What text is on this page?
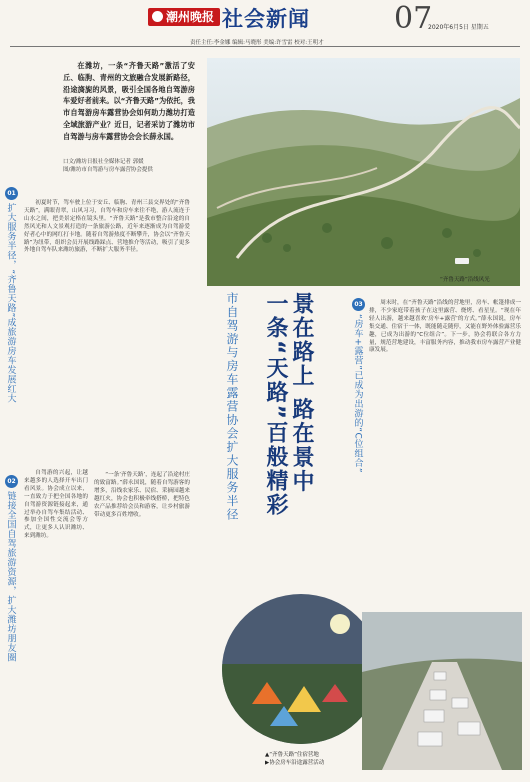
潮州晚报 社会新闻	07
2020年6月5日 星期五
责任主任:李金娜 编辑:马晓彤 美编:许雪雷 校对:王明才
在潍坊，一条“齐鲁天路”激活了安丘、临朐、青州的文旅融合发展新路径，沿途旖旎的风景，吸引全国各地自驾游房车爱好者前来。以“齐鲁天路”为依托，我市自驾游房车露营协会如何助力潍坊打造全域旅游产业？近日，记者采访了潍坊市自驾游与房车露营协会会长薛永国。
口文/潍坊日报社全媒体记者 郭媛
图/潍坊市自驾游与房车露营协会提供
“齐鲁天路”沿线风光
01
扩大服务半径，“齐鲁天路”成旅游房车发展红大
02
链接全国自驾旅游资源，扩大潍坊朋友圈
03
“房车+露营”已成为出游的“C位组合”

初夏时节，驾车驶上位于安丘、临朐、青州三县交界处的“齐鲁天路”，满眼青翠，山风习习，自驾车和房车来往不绝，游人流连于山水之间，把美景定格在镜头里。“齐鲁天路”是我市整合沿途的自然风光和人文景观打造的一条旅游公路，近年来逐渐成为自驾游爱好者心中的网红打卡地。随着自驾游热度不断攀升，协会以“齐鲁天路”为纽带，组织会员开展线路踩点、营地推介等活动，吸引了更多外地自驾车队来潍坊旅游，不断扩大服务半径。

自驾游的兴起，让越来越多的人选择开车出门看风景。协会成立以来，一直致力于把全国各地的自驾游资源链接起来，通过举办自驾车集结活动、参加全国性交流会等方式，让更多人认识潍坊、来到潍坊。

“一条‘齐鲁天路’，连起了沿途村庄的致富路。”薛永国说，随着自驾游客的增多，沿线农家乐、民宿、采摘园越来越红火，协会也积极牵线搭桥，把特色农产品推荐给会员和游客，让乡村旅游带动更多百姓增收。

周末时，在“齐鲁天路”沿线的营地里，房车、帐篷排成一排，不少家庭带着孩子在这里露营、烧烤、看星星。“现在年轻人出游，越来越喜欢‘房车+露营’的方式。”薛永国说，房车集交通、住宿于一体，既能随走随停，又能在野外体验露营乐趣，已成为出游的“C位组合”。下一步，协会将联合各方力量，规范营地建设，丰富服务内容，推动我市房车露营产业健康发展。

景在路上 路在景中
一条“天路”百般精彩
市自驾游与房车露营协会扩大服务半径
▲“齐鲁天路”住宿营地
▶协会房车沿途露营活动
